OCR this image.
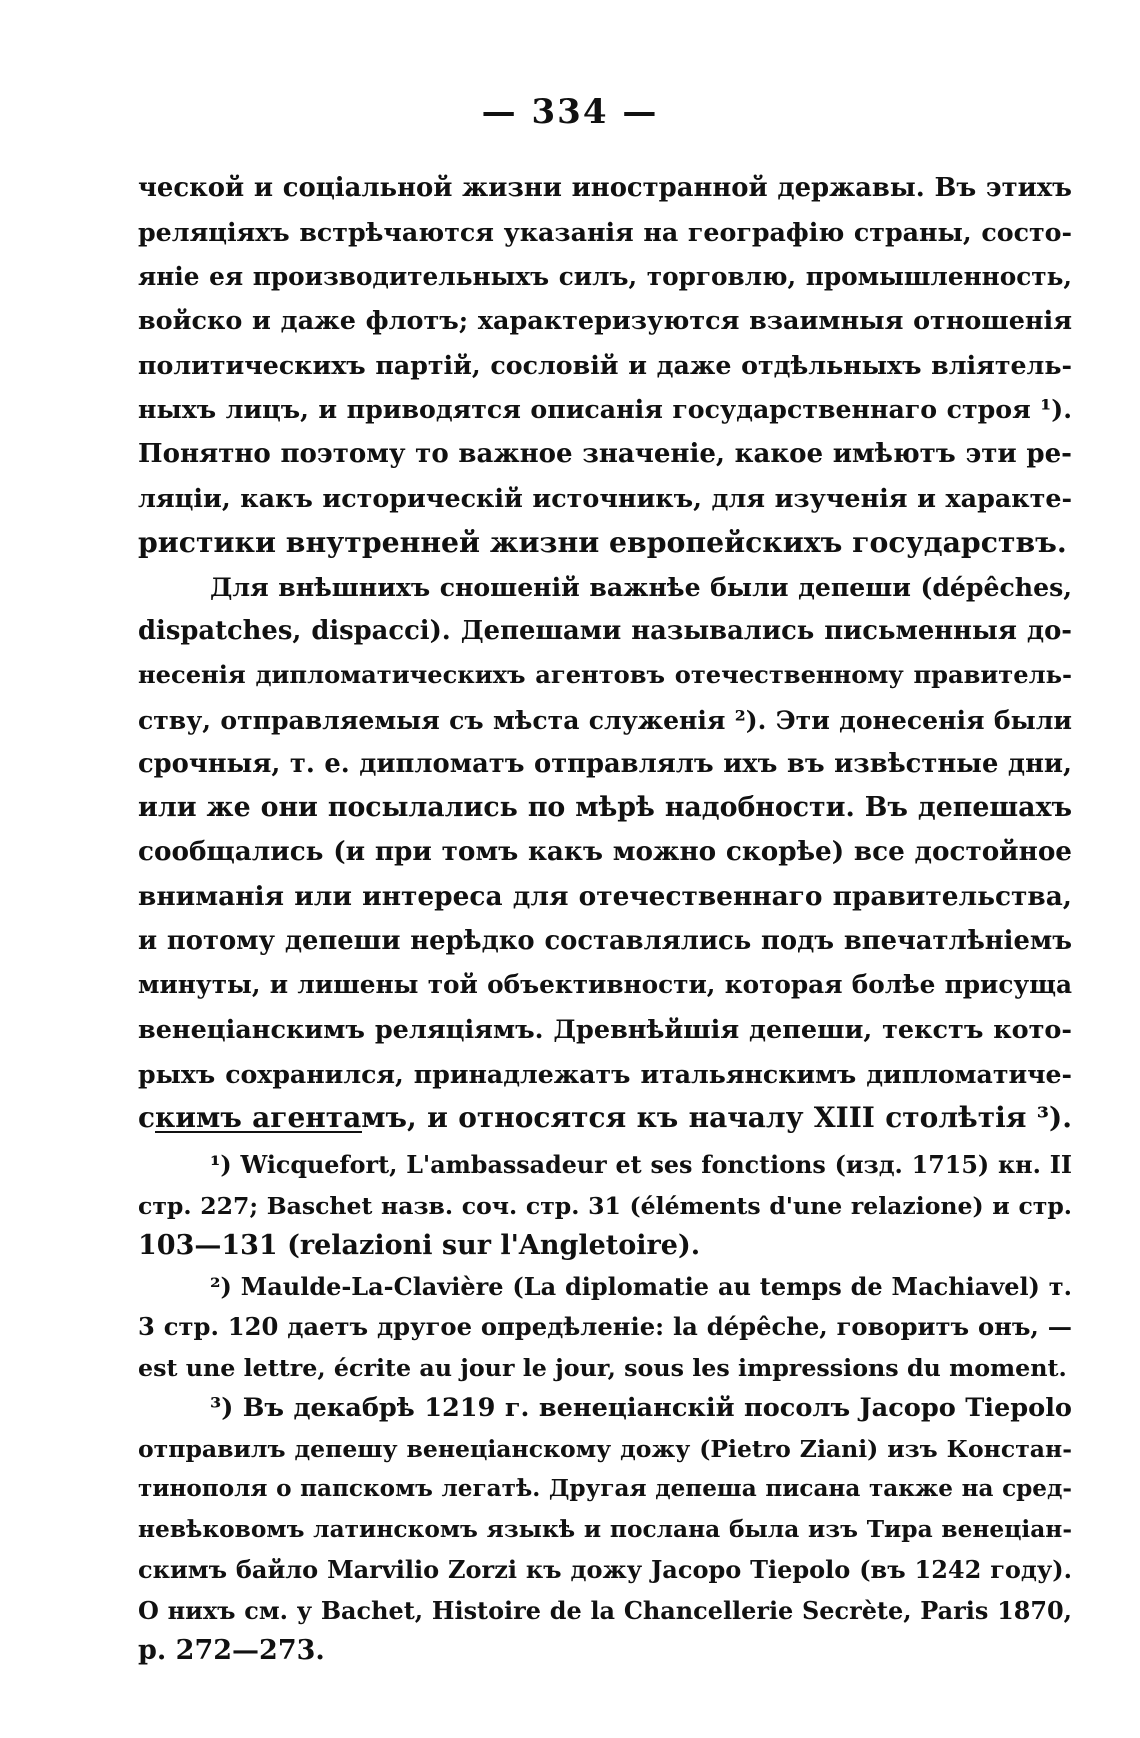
— 334 —
ческой и соціальной жизни иностранной державы. Въ этихъ
реляціяхъ встрѣчаются указанія на географію страны, состо-
яніе ея производительныхъ силъ, торговлю, промышленность,
войско и даже флотъ; характеризуются взаимныя отношенія
политическихъ партій, сословій и даже отдѣльныхъ вліятель-
ныхъ лицъ, и приводятся описанія государственнаго строя ¹).
Понятно поэтому то важное значеніе, какое имѣютъ эти ре-
ляціи, какъ историческій источникъ, для изученія и характе-
ристики внутренней жизни европейскихъ государствъ.
Для внѣшнихъ сношеній важнѣе были депеши (dépêches,
dispatches, dispacci). Депешами назывались письменныя до-
несенія дипломатическихъ агентовъ отечественному правитель-
ству, отправляемыя съ мѣста служенія ²). Эти донесенія были
срочныя, т. е. дипломатъ отправлялъ ихъ въ извѣстные дни,
или же они посылались по мѣрѣ надобности. Въ депешахъ
сообщались (и при томъ какъ можно скорѣе) все достойное
вниманія или интереса для отечественнаго правительства,
и потому депеши нерѣдко составлялись подъ впечатлѣніемъ
минуты, и лишены той объективности, которая болѣе присуща
венеціанскимъ реляціямъ. Древнѣйшія депеши, текстъ кото-
рыхъ сохранился, принадлежатъ итальянскимъ дипломатиче-
скимъ агентамъ, и относятся къ началу XIII столѣтія ³).
¹) Wicquefort, L'ambassadeur et ses fonctions (изд. 1715) кн. II
стр. 227; Baschet назв. соч. стр. 31 (éléments d'une relazione) и стр.
103—131 (relazioni sur l'Angletoire).
²) Maulde-La-Clavière (La diplomatie au temps de Machiavel) т.
3 стр. 120 даетъ другое опредѣленіе: la dépêche, говоритъ онъ, —
est une lettre, écrite au jour le jour, sous les impressions du moment.
³) Въ декабрѣ 1219 г. венеціанскій посолъ Jacopo Tiepolo
отправилъ депешу венеціанскому дожу (Pietro Ziani) изъ Констан-
тинополя о папскомъ легатѣ. Другая депеша писана также на сред-
невѣковомъ латинскомъ языкѣ и послана была изъ Тира венеціан-
скимъ байло Marvilio Zorzi къ дожу Jacopo Tiepolo (въ 1242 году).
О нихъ см. у Bachet, Histoire de la Chancellerie Secrète, Paris 1870,
p. 272—273.
